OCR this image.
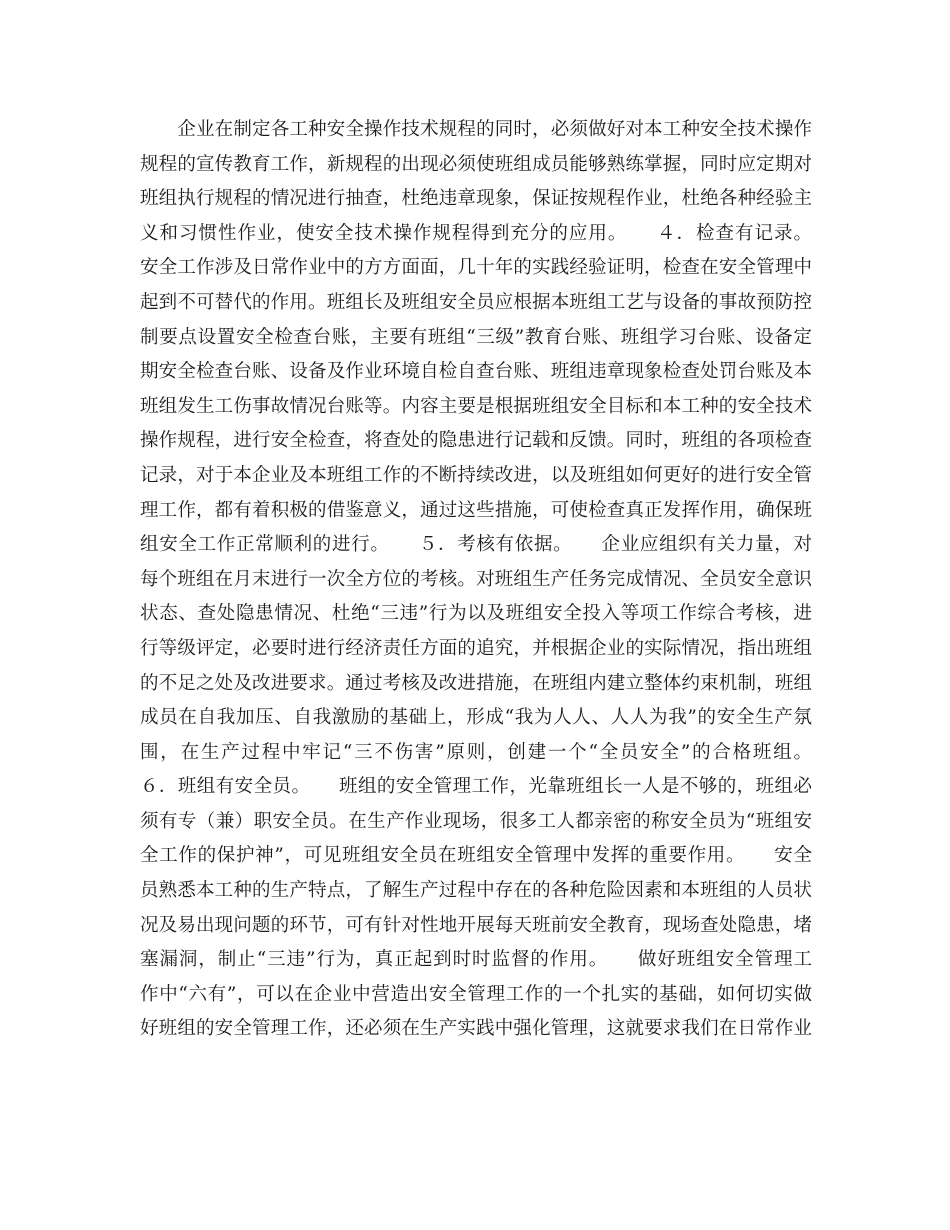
　　企业在制定各工种安全操作技术规程的同时，必须做好对本工种安全技术操作
规程的宣传教育工作，新规程的出现必须使班组成员能够熟练掌握，同时应定期对
班组执行规程的情况进行抽查，杜绝违章现象，保证按规程作业，杜绝各种经验主
义和习惯性作业，使安全技术操作规程得到充分的应用。　　４．检查有记录。
安全工作涉及日常作业中的方方面面，几十年的实践经验证明，检查在安全管理中
起到不可替代的作用。班组长及班组安全员应根据本班组工艺与设备的事故预防控
制要点设置安全检查台账，主要有班组“三级”教育台账、班组学习台账、设备定
期安全检查台账、设备及作业环境自检自查台账、班组违章现象检查处罚台账及本
班组发生工伤事故情况台账等。内容主要是根据班组安全目标和本工种的安全技术
操作规程，进行安全检查，将查处的隐患进行记载和反馈。同时，班组的各项检查
记录，对于本企业及本班组工作的不断持续改进，以及班组如何更好的进行安全管
理工作，都有着积极的借鉴意义，通过这些措施，可使检查真正发挥作用，确保班
组安全工作正常顺利的进行。　　５．考核有依据。　　企业应组织有关力量，对
每个班组在月末进行一次全方位的考核。对班组生产任务完成情况、全员安全意识
状态、查处隐患情况、杜绝“三违”行为以及班组安全投入等项工作综合考核，进
行等级评定，必要时进行经济责任方面的追究，并根据企业的实际情况，指出班组
的不足之处及改进要求。通过考核及改进措施，在班组内建立整体约束机制，班组
成员在自我加压、自我激励的基础上，形成“我为人人、人人为我”的安全生产氛
围，在生产过程中牢记“三不伤害”原则，创建一个“全员安全”的合格班组。
６．班组有安全员。　　班组的安全管理工作，光靠班组长一人是不够的，班组必
须有专（兼）职安全员。在生产作业现场，很多工人都亲密的称安全员为“班组安
全工作的保护神”，可见班组安全员在班组安全管理中发挥的重要作用。　　安全
员熟悉本工种的生产特点，了解生产过程中存在的各种危险因素和本班组的人员状
况及易出现问题的环节，可有针对性地开展每天班前安全教育，现场查处隐患，堵
塞漏洞，制止“三违”行为，真正起到时时监督的作用。　　做好班组安全管理工
作中“六有”，可以在企业中营造出安全管理工作的一个扎实的基础，如何切实做
好班组的安全管理工作，还必须在生产实践中强化管理，这就要求我们在日常作业
